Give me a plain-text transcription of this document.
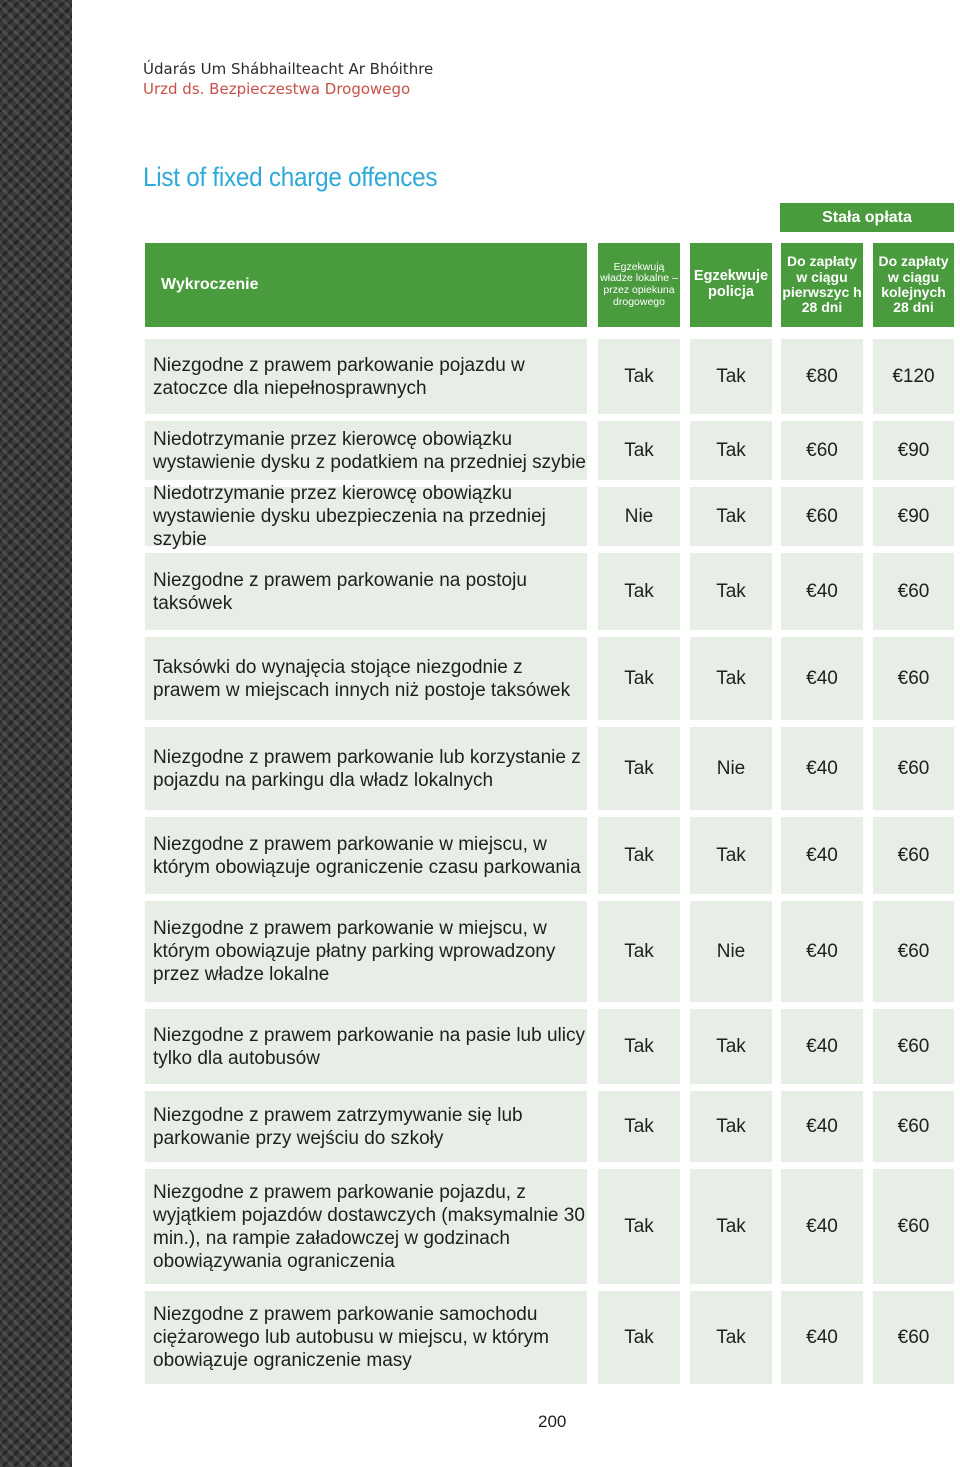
Údarás Um Shábhailteacht Ar Bhóithre
Urzd ds. Bezpieczestwa Drogowego
List of fixed charge offences
Stała opłata
Wykroczenie
Egzekwują władze lokalne – przez opiekuna drogowego
Egzekwuje policja
Do zapłaty w ciągu pierwszyc h 28 dni
Do zapłaty w ciągu kolejnych 28 dni
Niezgodne z prawem parkowanie pojazdu w zatoczce dla niepełnosprawnych
Tak	Tak	€80	€120
Niedotrzymanie przez kierowcę obowiązku wystawienie dysku z podatkiem na przedniej szybie
Tak	Tak	€60	€90
Niedotrzymanie przez kierowcę obowiązku wystawienie dysku ubezpieczenia na przedniej szybie
Nie	Tak	€60	€90
Niezgodne z prawem parkowanie na postoju taksówek
Tak	Tak	€40	€60
Taksówki do wynajęcia stojące niezgodnie z prawem w miejscach innych niż postoje taksówek
Tak	Tak	€40	€60
Niezgodne z prawem parkowanie lub korzystanie z pojazdu na parkingu dla władz lokalnych
Tak	Nie	€40	€60
Niezgodne z prawem parkowanie w miejscu, w którym obowiązuje ograniczenie czasu parkowania
Tak	Tak	€40	€60
Niezgodne z prawem parkowanie w miejscu, w którym obowiązuje płatny parking wprowadzony przez władze lokalne
Tak	Nie	€40	€60
Niezgodne z prawem parkowanie na pasie lub ulicy tylko dla autobusów
Tak	Tak	€40	€60
Niezgodne z prawem zatrzymywanie się lub parkowanie przy wejściu do szkoły
Tak	Tak	€40	€60
Niezgodne z prawem parkowanie pojazdu, z wyjątkiem pojazdów dostawczych (maksymalnie 30 min.), na rampie załadowczej w godzinach obowiązywania ograniczenia
Tak	Tak	€40	€60
Niezgodne z prawem parkowanie samochodu ciężarowego lub autobusu w miejscu, w którym obowiązuje ograniczenie masy
Tak	Tak	€40	€60
200
